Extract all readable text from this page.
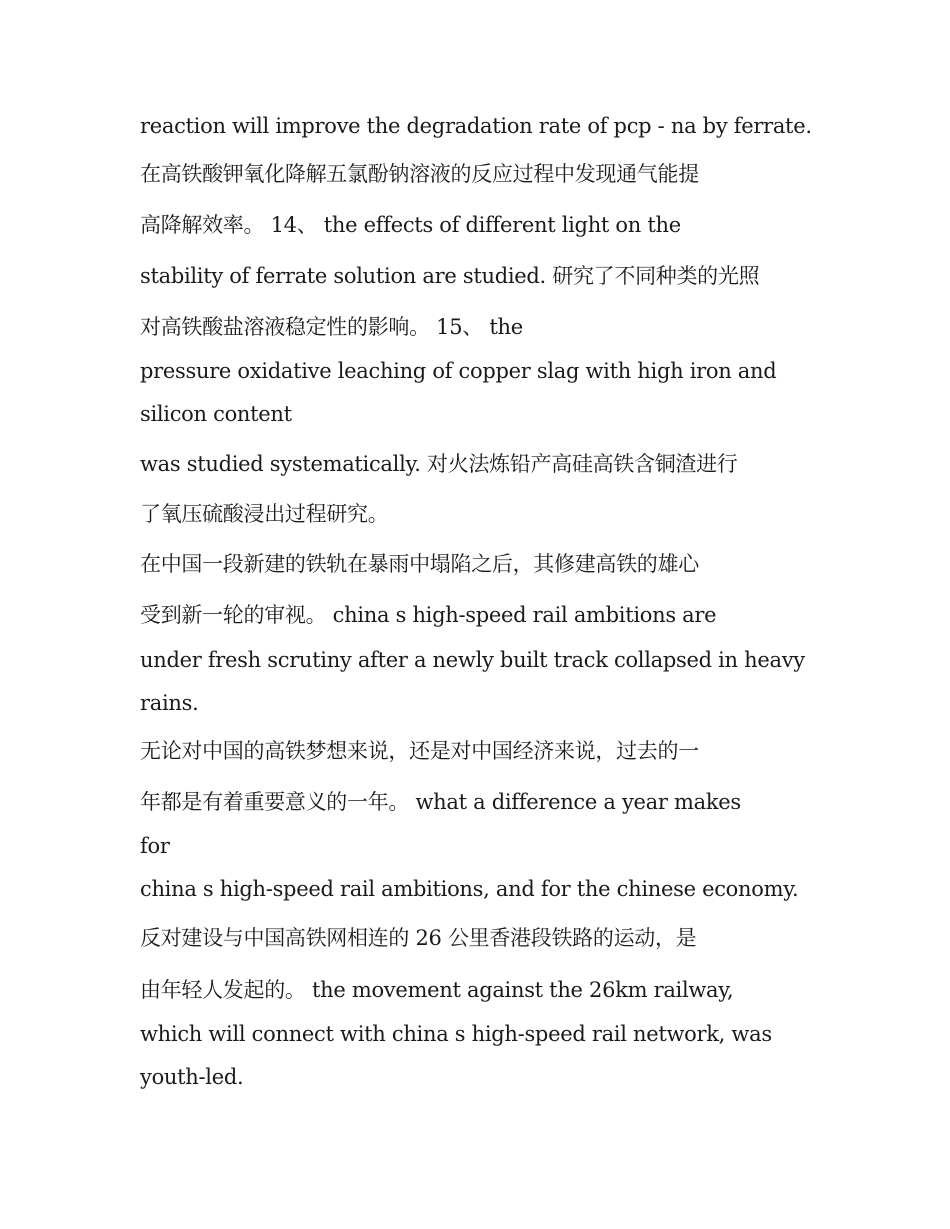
reaction will improve the degradation rate of pcp - na by ferrate.
在高铁酸钾氧化降解五氯酚钠溶液的反应过程中发现通气能提
高降解效率。 14、 the effects of different light on the
stability of ferrate solution are studied. 研究了不同种类的光照
对高铁酸盐溶液稳定性的影响。 15、 the
pressure oxidative leaching of copper slag with high iron and
silicon content
was studied systematically. 对火法炼铅产高硅高铁含铜渣进行
了氧压硫酸浸出过程研究。
在中国一段新建的铁轨在暴雨中塌陷之后，其修建高铁的雄心
受到新一轮的审视。 china s high-speed rail ambitions are
under fresh scrutiny after a newly built track collapsed in heavy
rains.
无论对中国的高铁梦想来说，还是对中国经济来说，过去的一
年都是有着重要意义的一年。 what a difference a year makes
for
china s high-speed rail ambitions, and for the chinese economy.
反对建设与中国高铁网相连的 26 公里香港段铁路的运动，是
由年轻人发起的。 the movement against the 26km railway,
which will connect with china s high-speed rail network, was
youth-led.
